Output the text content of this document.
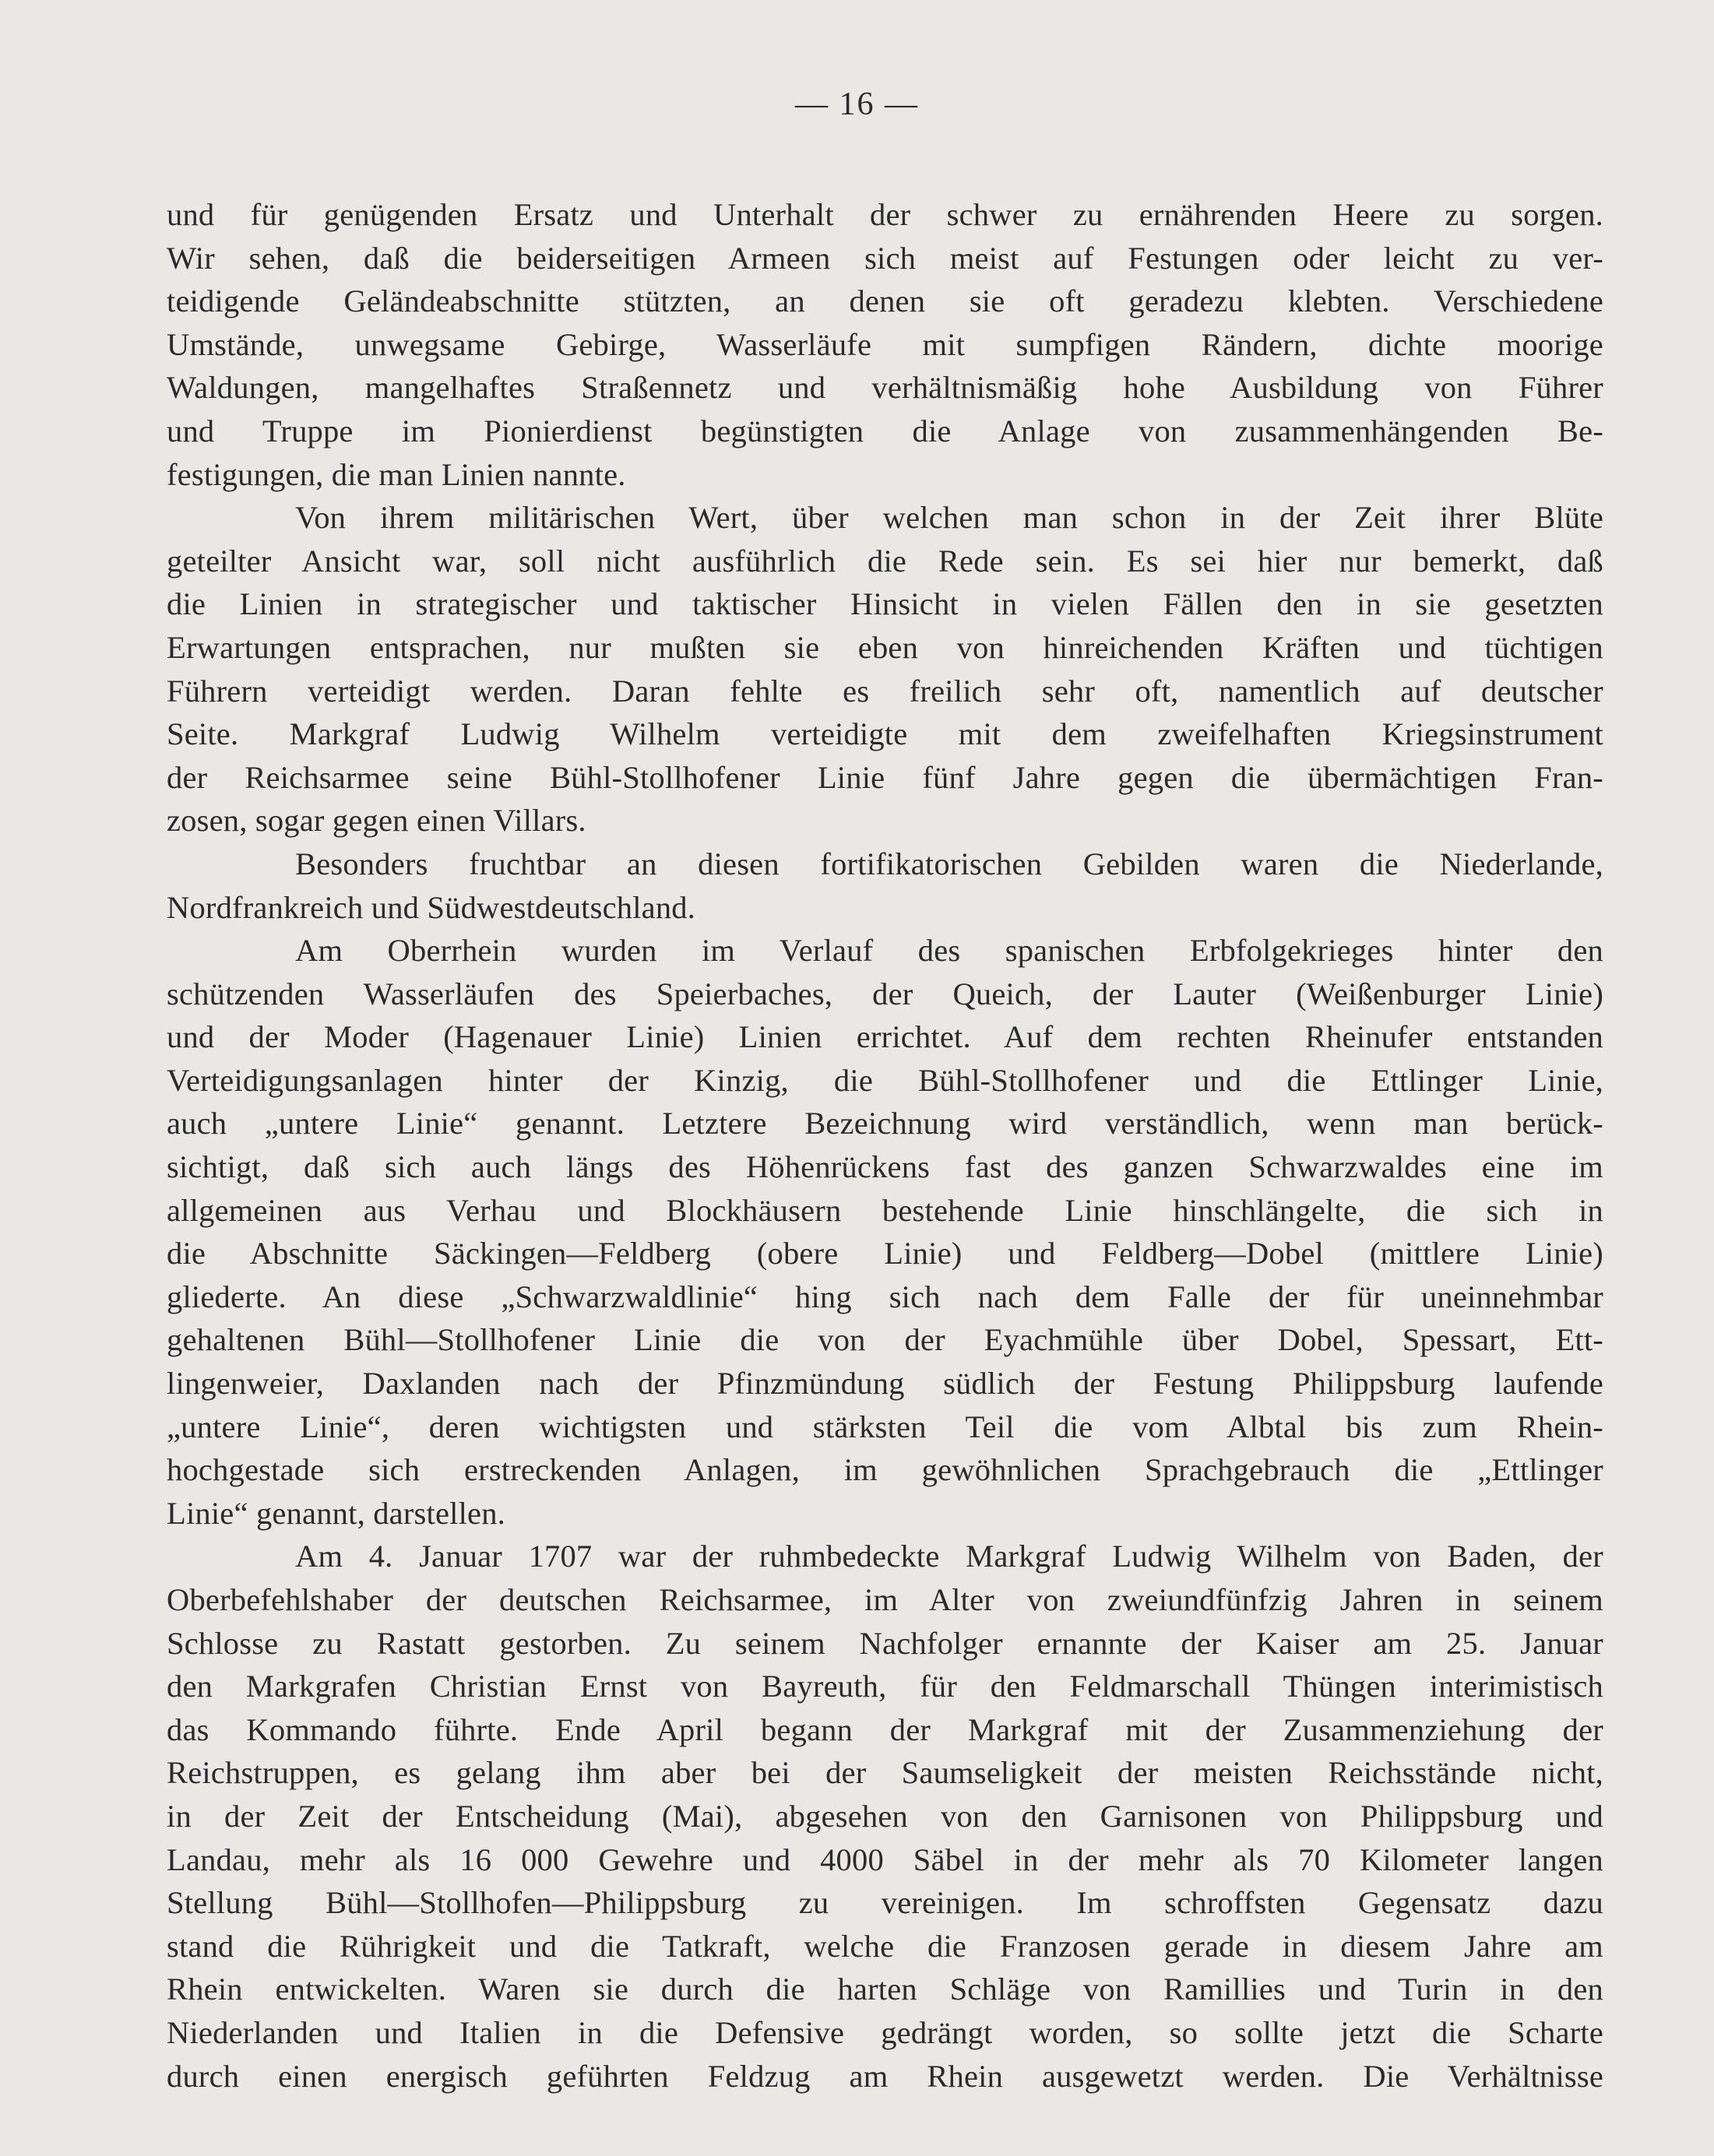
— 16 —
und für genügenden Ersatz und Unterhalt der schwer zu ernährenden Heere zu sorgen.
Wir sehen, daß die beiderseitigen Armeen sich meist auf Festungen oder leicht zu ver-
teidigende Geländeabschnitte stützten, an denen sie oft geradezu klebten. Verschiedene
Umstände, unwegsame Gebirge, Wasserläufe mit sumpfigen Rändern, dichte moorige
Waldungen, mangelhaftes Straßennetz und verhältnismäßig hohe Ausbildung von Führer
und Truppe im Pionierdienst begünstigten die Anlage von zusammenhängenden Be-
festigungen, die man Linien nannte.
Von ihrem militärischen Wert, über welchen man schon in der Zeit ihrer Blüte
geteilter Ansicht war, soll nicht ausführlich die Rede sein. Es sei hier nur bemerkt, daß
die Linien in strategischer und taktischer Hinsicht in vielen Fällen den in sie gesetzten
Erwartungen entsprachen, nur mußten sie eben von hinreichenden Kräften und tüchtigen
Führern verteidigt werden. Daran fehlte es freilich sehr oft, namentlich auf deutscher
Seite. Markgraf Ludwig Wilhelm verteidigte mit dem zweifelhaften Kriegsinstrument
der Reichsarmee seine Bühl-Stollhofener Linie fünf Jahre gegen die übermächtigen Fran-
zosen, sogar gegen einen Villars.
Besonders fruchtbar an diesen fortifikatorischen Gebilden waren die Niederlande,
Nordfrankreich und Südwestdeutschland.
Am Oberrhein wurden im Verlauf des spanischen Erbfolgekrieges hinter den
schützenden Wasserläufen des Speierbaches, der Queich, der Lauter (Weißenburger Linie)
und der Moder (Hagenauer Linie) Linien errichtet. Auf dem rechten Rheinufer entstanden
Verteidigungsanlagen hinter der Kinzig, die Bühl-Stollhofener und die Ettlinger Linie,
auch „untere Linie“ genannt. Letztere Bezeichnung wird verständlich, wenn man berück-
sichtigt, daß sich auch längs des Höhenrückens fast des ganzen Schwarzwaldes eine im
allgemeinen aus Verhau und Blockhäusern bestehende Linie hinschlängelte, die sich in
die Abschnitte Säckingen—Feldberg (obere Linie) und Feldberg—Dobel (mittlere Linie)
gliederte. An diese „Schwarzwaldlinie“ hing sich nach dem Falle der für uneinnehmbar
gehaltenen Bühl—Stollhofener Linie die von der Eyachmühle über Dobel, Spessart, Ett-
lingenweier, Daxlanden nach der Pfinzmündung südlich der Festung Philippsburg laufende
„untere Linie“, deren wichtigsten und stärksten Teil die vom Albtal bis zum Rhein-
hochgestade sich erstreckenden Anlagen, im gewöhnlichen Sprachgebrauch die „Ettlinger
Linie“ genannt, darstellen.
Am 4. Januar 1707 war der ruhmbedeckte Markgraf Ludwig Wilhelm von Baden, der
Oberbefehlshaber der deutschen Reichsarmee, im Alter von zweiundfünfzig Jahren in seinem
Schlosse zu Rastatt gestorben. Zu seinem Nachfolger ernannte der Kaiser am 25. Januar
den Markgrafen Christian Ernst von Bayreuth, für den Feldmarschall Thüngen interimistisch
das Kommando führte. Ende April begann der Markgraf mit der Zusammenziehung der
Reichstruppen, es gelang ihm aber bei der Saumseligkeit der meisten Reichsstände nicht,
in der Zeit der Entscheidung (Mai), abgesehen von den Garnisonen von Philippsburg und
Landau, mehr als 16 000 Gewehre und 4000 Säbel in der mehr als 70 Kilometer langen
Stellung Bühl—Stollhofen—Philippsburg zu vereinigen. Im schroffsten Gegensatz dazu
stand die Rührigkeit und die Tatkraft, welche die Franzosen gerade in diesem Jahre am
Rhein entwickelten. Waren sie durch die harten Schläge von Ramillies und Turin in den
Niederlanden und Italien in die Defensive gedrängt worden, so sollte jetzt die Scharte
durch einen energisch geführten Feldzug am Rhein ausgewetzt werden. Die Verhältnisse
